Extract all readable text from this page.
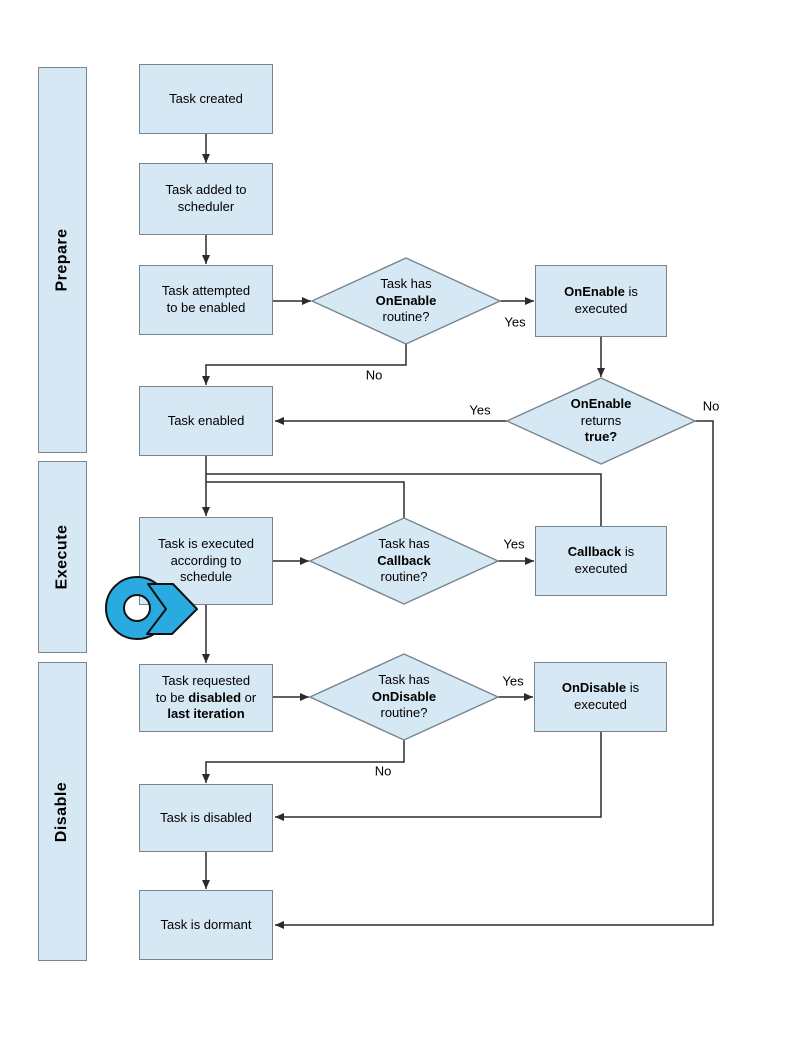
Prepare
Execute
Disable
Task created
Task added to
scheduler
Task attempted
to be enabled
Task enabled
Task is executed
according to
schedule
Task requested
to be disabled or
last iteration
Task is disabled
Task is dormant
OnEnable is
executed
Callback is
executed
OnDisable is
executed
Task has
OnEnable
routine?
OnEnable
returns
true?
Task has
Callback
routine?
Task has
OnDisable
routine?
Yes
No
Yes	No
Yes
Yes
No
